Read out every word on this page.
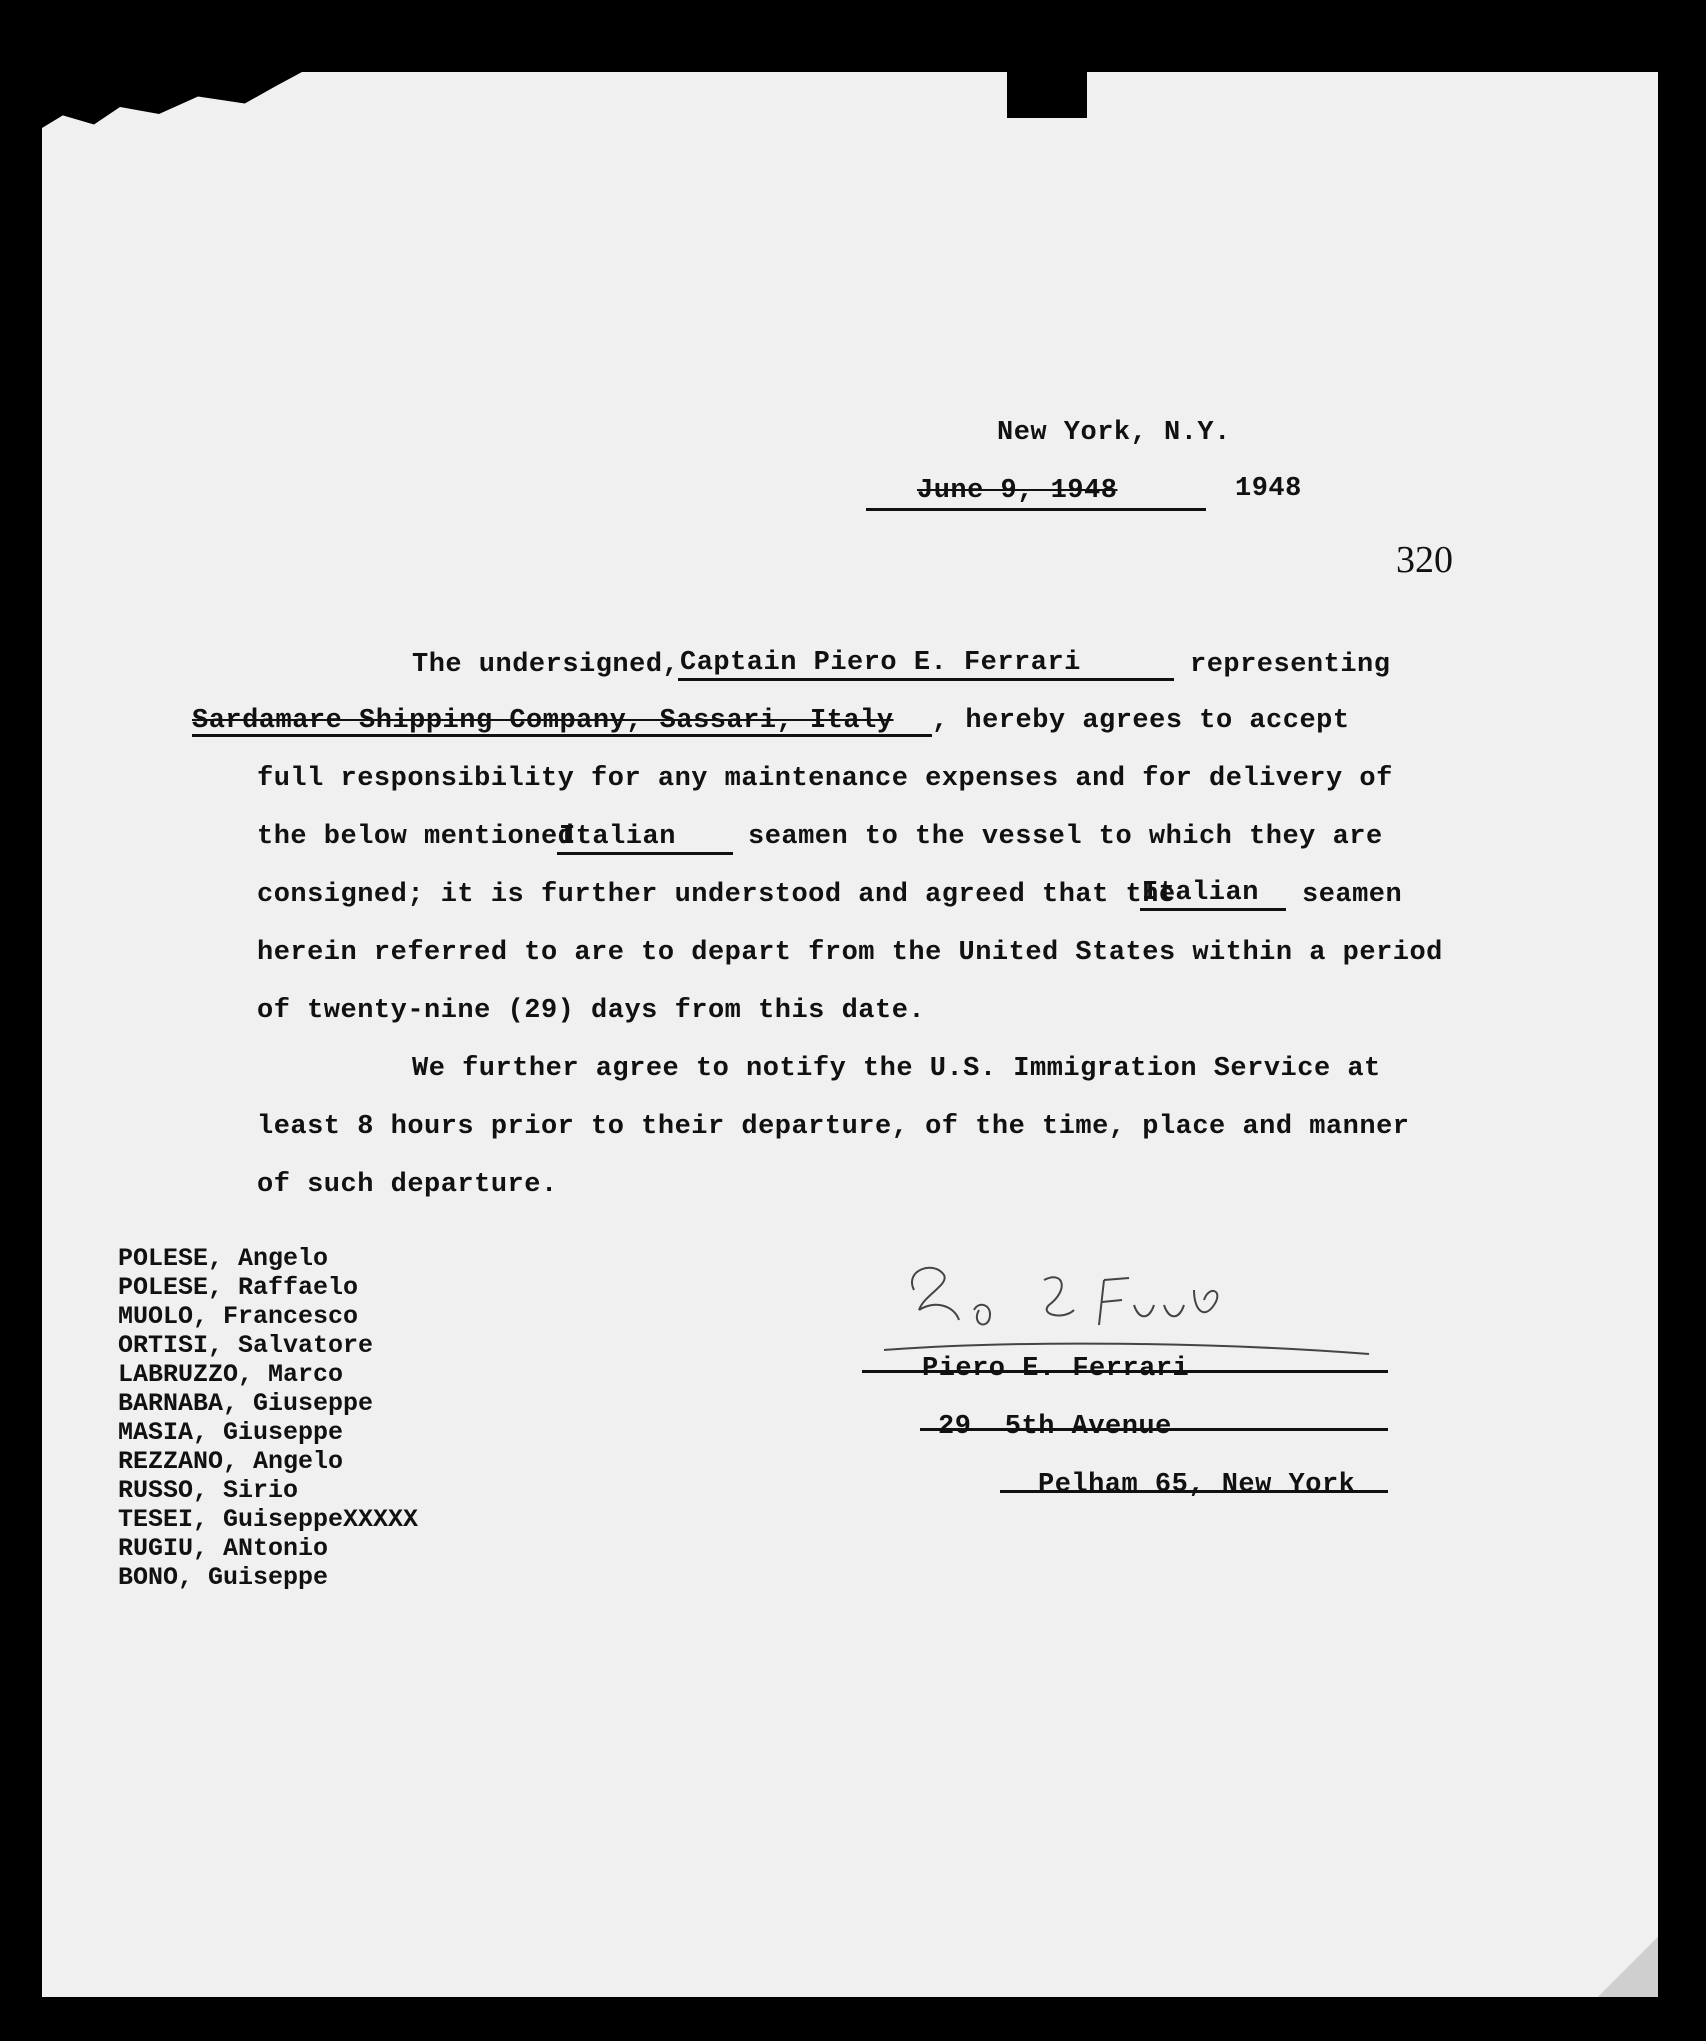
New York, N.Y.
June 9, 1948	1948
320
The undersigned, Captain Piero E. Ferrari	representing
Sardamare Shipping Company, Sassari, Italy , hereby agrees to accept
full responsibility for any maintenance expenses and for delivery of
the below mentioned
Italian	seamen to the vessel to which they are
consigned; it is further understood and agreed that the
Italian seamen
herein referred to are to depart from the United States within a period
of twenty-nine (29) days from this date.
We further agree to notify the U.S. Immigration Service at
least 8 hours prior to their departure, of the time, place and manner
of such departure.
POLESE, Angelo
POLESE, Raffaelo
MUOLO, Francesco
ORTISI, Salvatore
LABRUZZO, Marco
BARNABA, Giuseppe
MASIA, Giuseppe
REZZANO, Angelo
RUSSO, Sirio
TESEI, GuiseppeXXXXX
RUGIU, ANtonio
BONO, Guiseppe
Piero E. Ferrari
29  5th Avenue
Pelham 65, New York
